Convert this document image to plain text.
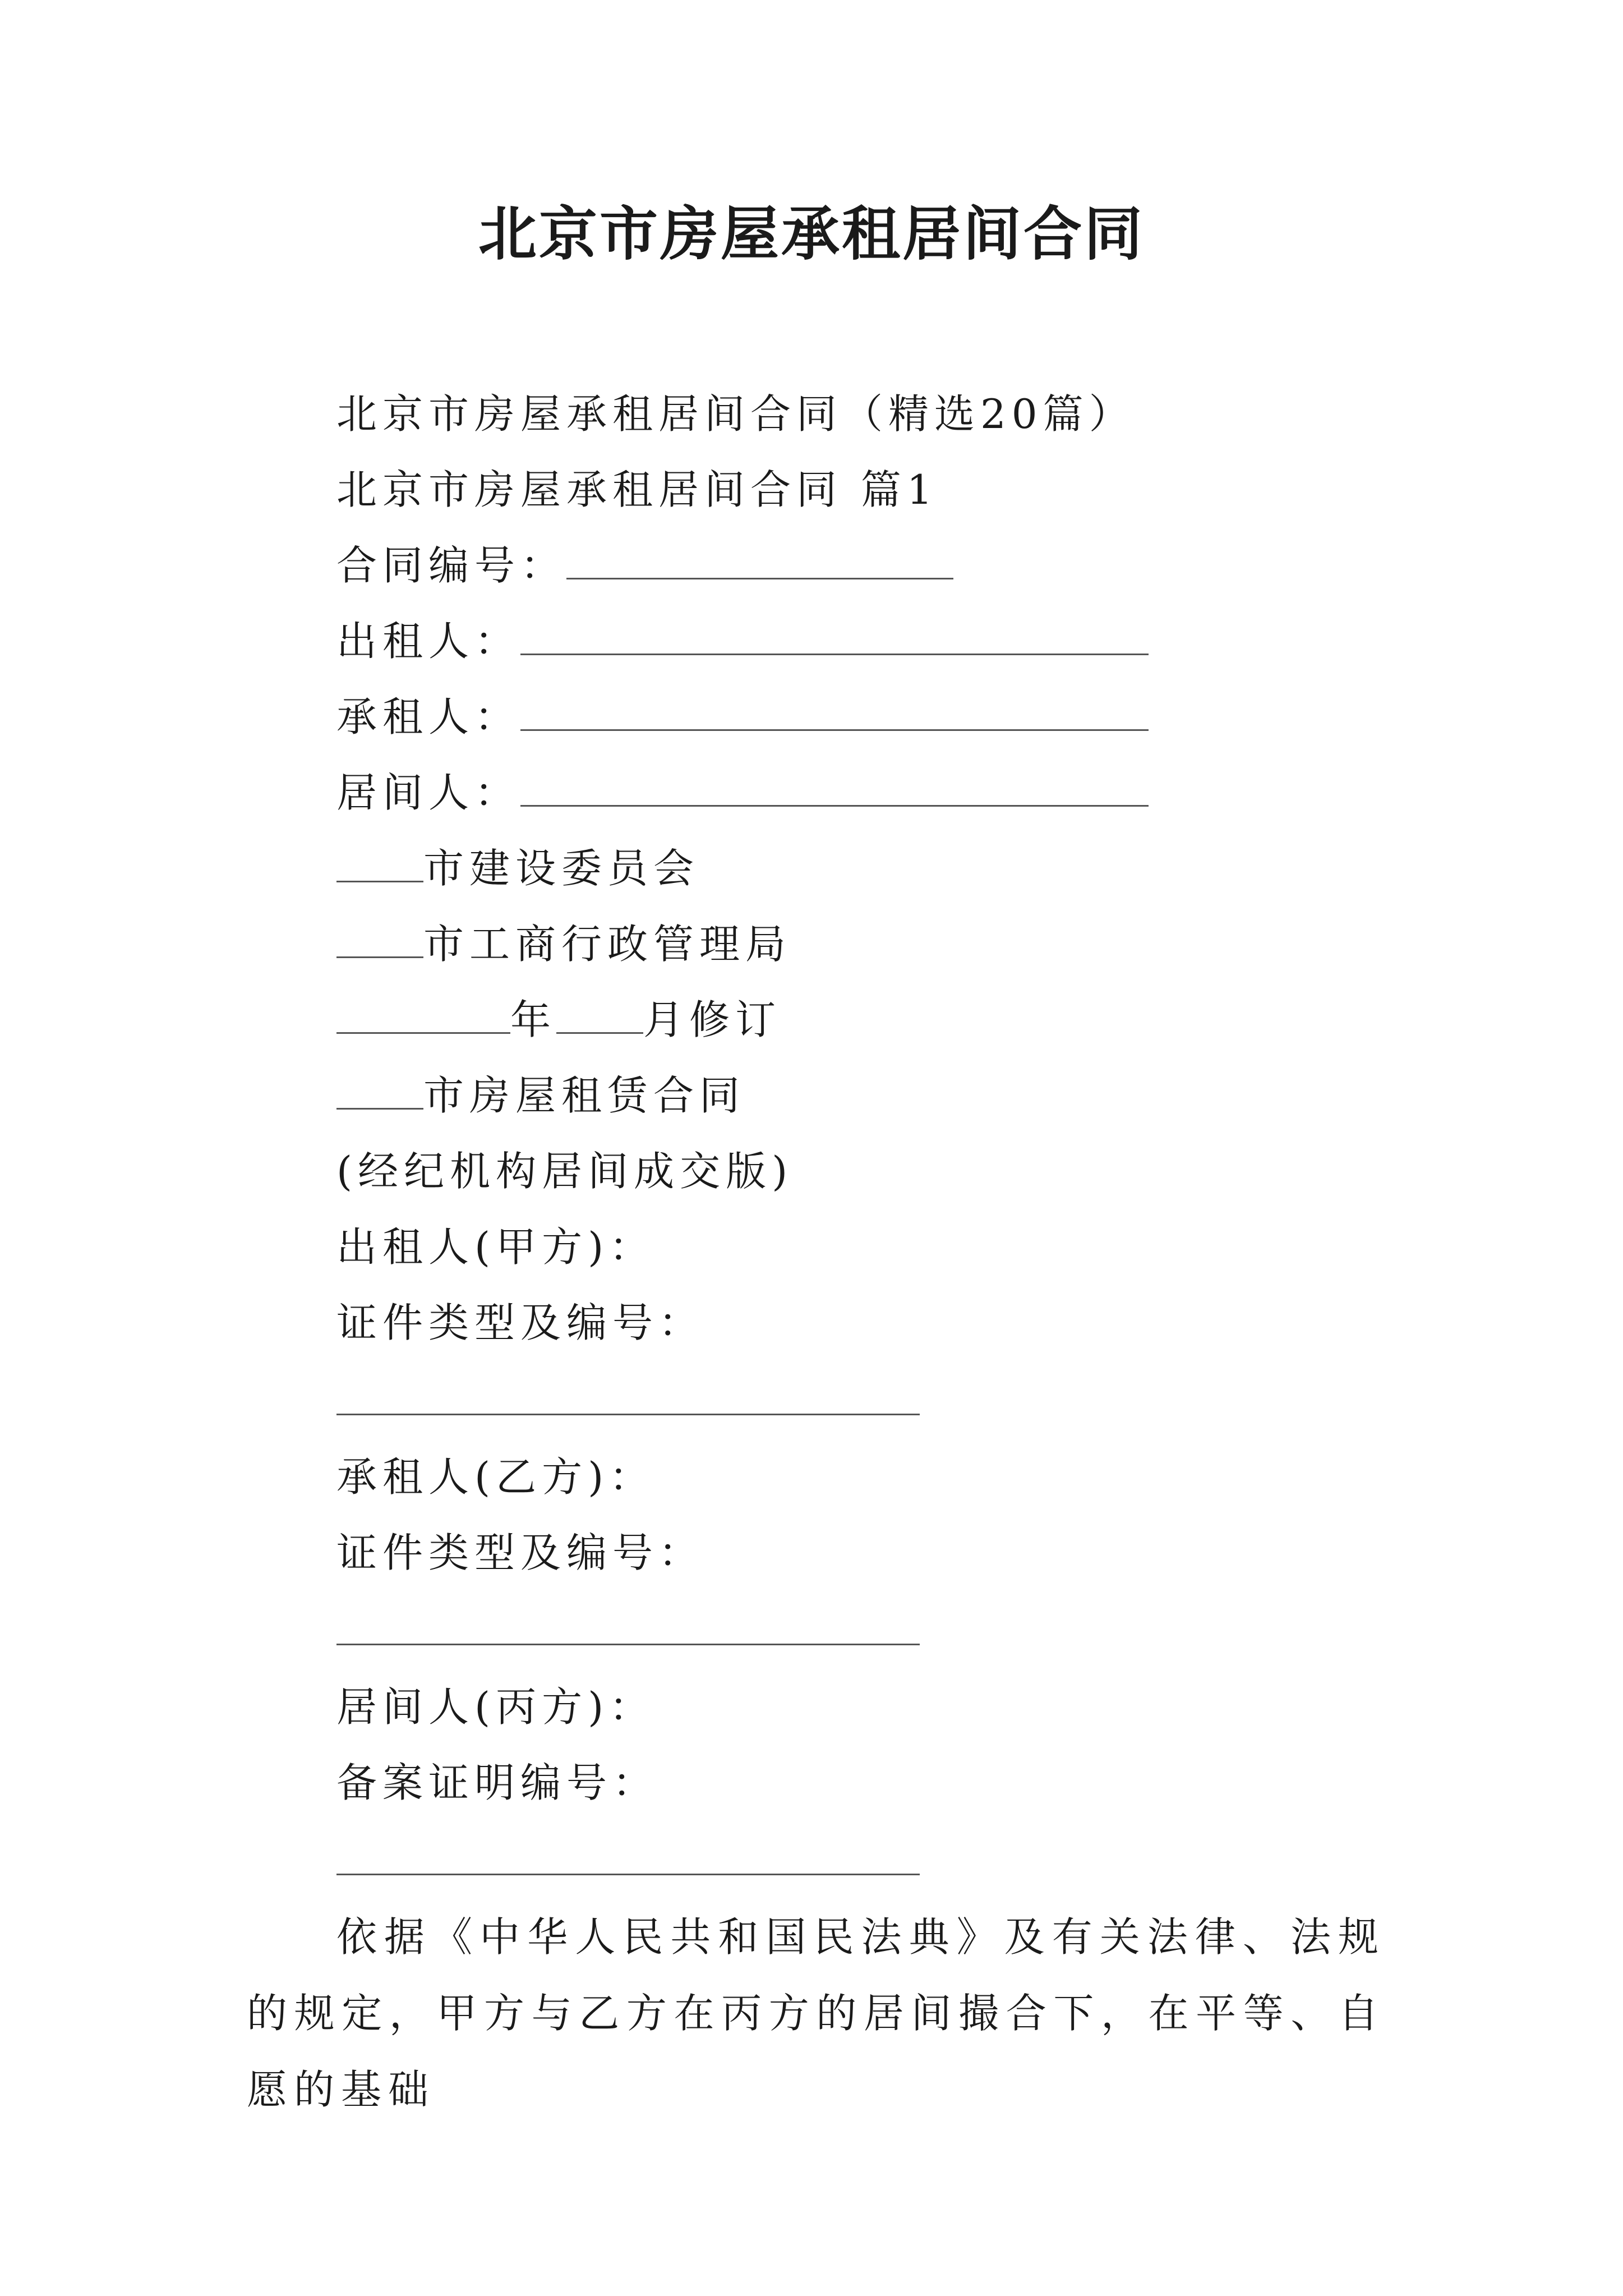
北京市房屋承租居间合同
北京市房屋承租居间合同（精选20篇）
北京市房屋承租居间合同 篇1
合同编号：
出租人：
承租人：
居间人：
市建设委员会
市工商行政管理局
年 月修订
市房屋租赁合同
(经纪机构居间成交版)
出租人(甲方)：
证件类型及编号：
承租人(乙方)：
证件类型及编号：
居间人(丙方)：
备案证明编号：
依据《中华人民共和国民法典》及有关法律、法规的规定，甲方与乙方在丙方的居间撮合下，在平等、自愿的基础
